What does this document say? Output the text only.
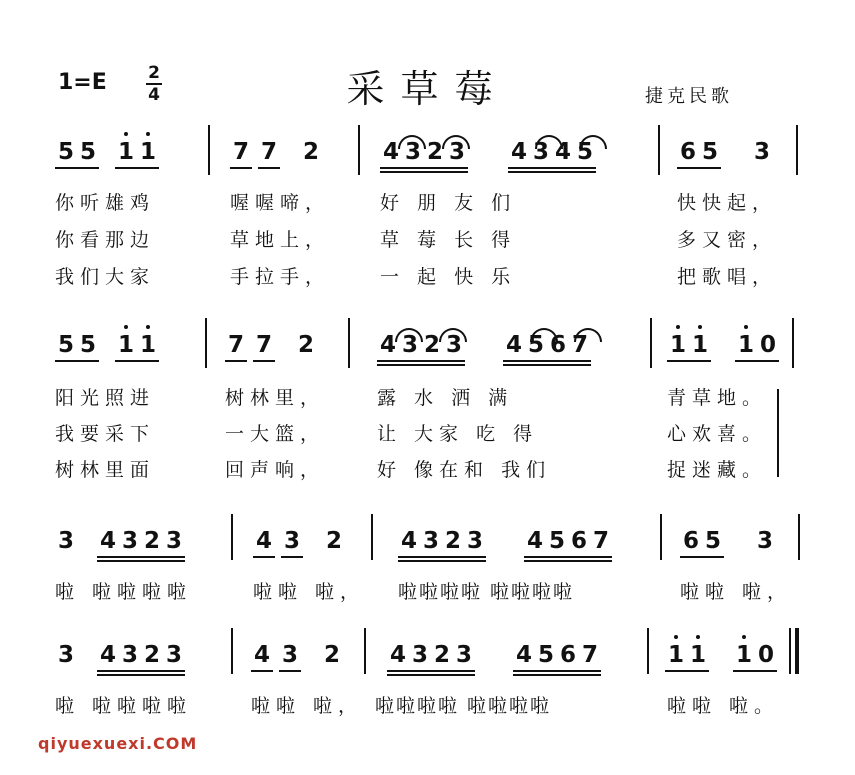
1=E 2
4	采草莓	捷克民歌
5 5 1 1	7 7 2	4 3 2 3 4 3 4 5	6 5 3
你听雄鸡	喔喔啼，	好 朋 友 们	快快起，
你看那边	草地上，	草 莓 长 得	多又密，
我们大家	手拉手，	一 起 快 乐	把歌唱，
5 5 1 1	7 7 2	4 3 2 3 4 5 6 7	1 1 1 0
阳光照进	树林里，	露 水 洒 满	青草地。
我要采下	一大篮，	让 大家 吃 得	心欢喜。
树林里面	回声响，	好 像在和 我们	捉迷藏。
3 4 3 2 3	4 3 2	4 3 2 3 4 5 6 7	6 5 3
啦 啦啦啦啦	啦啦 啦， 啦啦啦啦 啦啦啦啦	啦啦 啦，
3 4 3 2 3	4 3 2 4 3 2 3 4 5 6 7	1 1 1 0
啦 啦啦啦啦	啦啦 啦， 啦啦啦啦 啦啦啦啦	啦啦 啦。
qiyuexuexi.COM
